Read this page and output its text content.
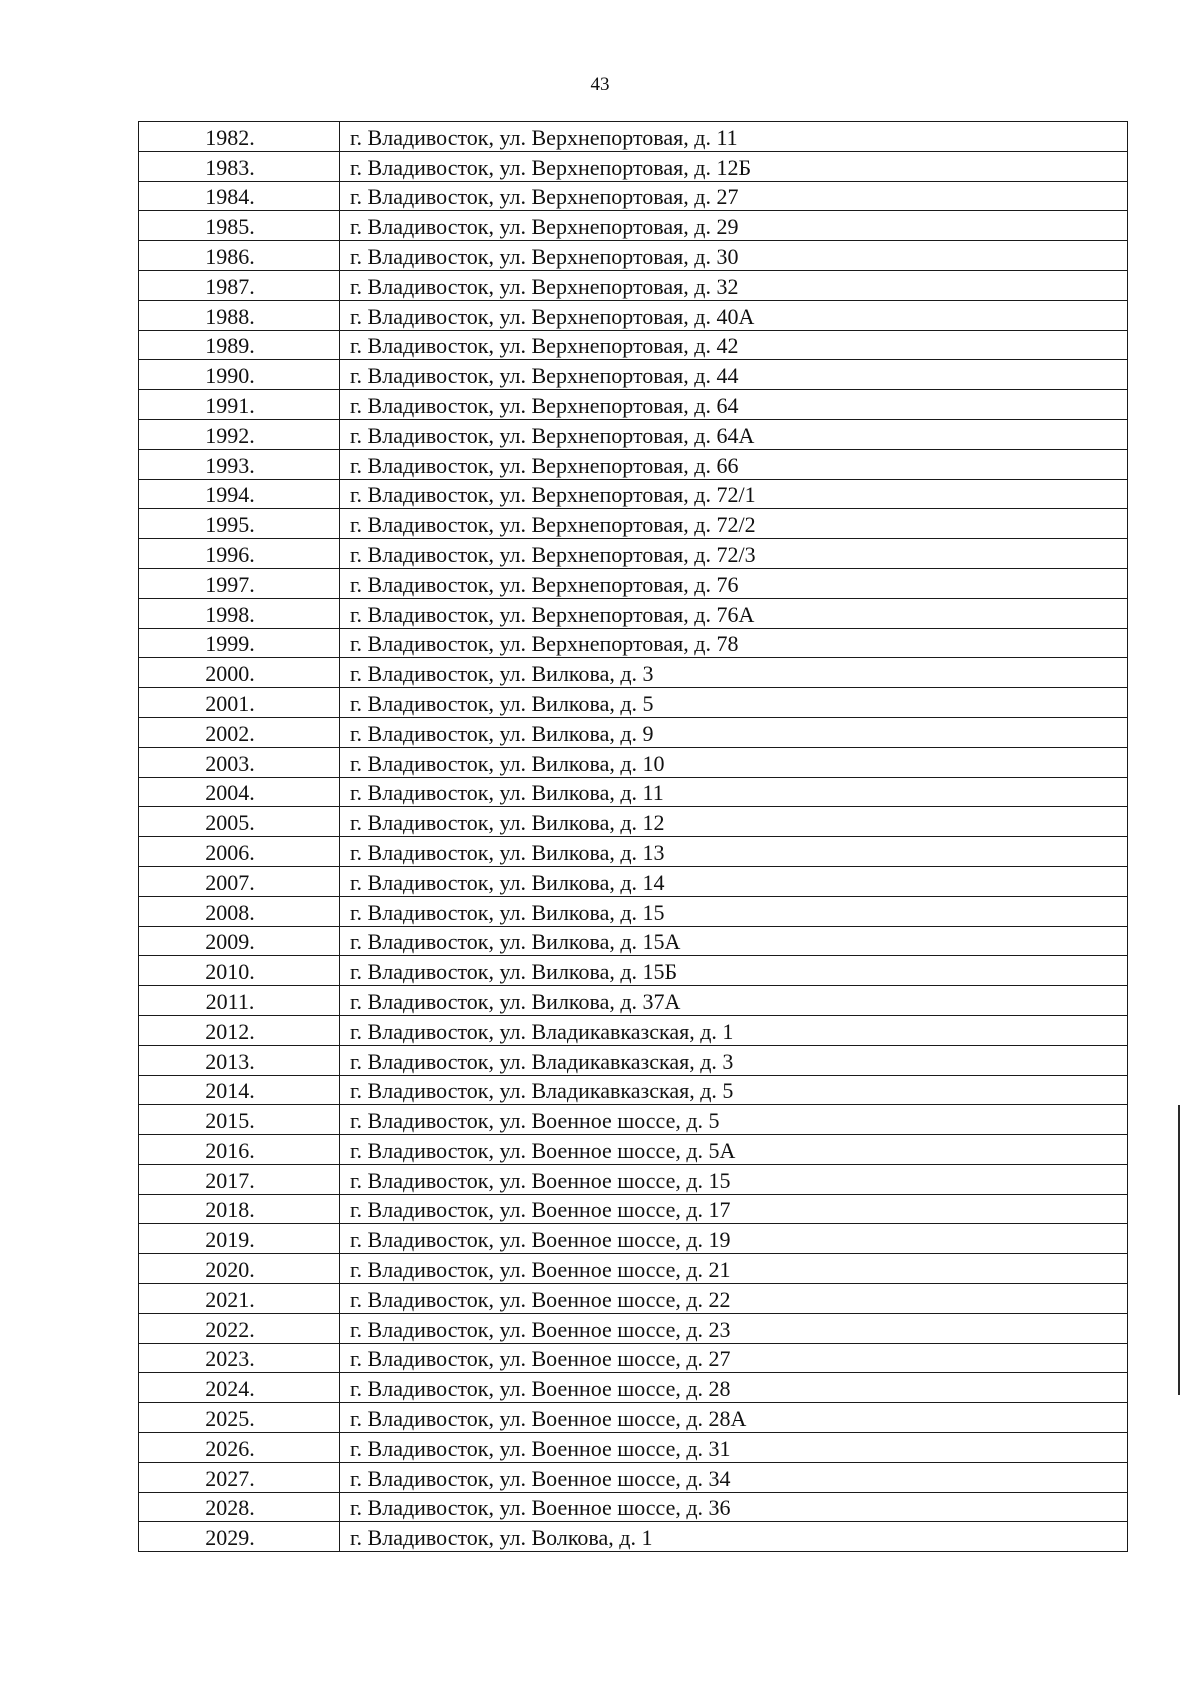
43
1982.	г. Владивосток, ул. Верхнепортовая, д. 11
1983.	г. Владивосток, ул. Верхнепортовая, д. 12Б
1984.	г. Владивосток, ул. Верхнепортовая, д. 27
1985.	г. Владивосток, ул. Верхнепортовая, д. 29
1986.	г. Владивосток, ул. Верхнепортовая, д. 30
1987.	г. Владивосток, ул. Верхнепортовая, д. 32
1988.	г. Владивосток, ул. Верхнепортовая, д. 40А
1989.	г. Владивосток, ул. Верхнепортовая, д. 42
1990.	г. Владивосток, ул. Верхнепортовая, д. 44
1991.	г. Владивосток, ул. Верхнепортовая, д. 64
1992.	г. Владивосток, ул. Верхнепортовая, д. 64А
1993.	г. Владивосток, ул. Верхнепортовая, д. 66
1994.	г. Владивосток, ул. Верхнепортовая, д. 72/1
1995.	г. Владивосток, ул. Верхнепортовая, д. 72/2
1996.	г. Владивосток, ул. Верхнепортовая, д. 72/3
1997.	г. Владивосток, ул. Верхнепортовая, д. 76
1998.	г. Владивосток, ул. Верхнепортовая, д. 76А
1999.	г. Владивосток, ул. Верхнепортовая, д. 78
2000.	г. Владивосток, ул. Вилкова, д. 3
2001.	г. Владивосток, ул. Вилкова, д. 5
2002.	г. Владивосток, ул. Вилкова, д. 9
2003.	г. Владивосток, ул. Вилкова, д. 10
2004.	г. Владивосток, ул. Вилкова, д. 11
2005.	г. Владивосток, ул. Вилкова, д. 12
2006.	г. Владивосток, ул. Вилкова, д. 13
2007.	г. Владивосток, ул. Вилкова, д. 14
2008.	г. Владивосток, ул. Вилкова, д. 15
2009.	г. Владивосток, ул. Вилкова, д. 15А
2010.	г. Владивосток, ул. Вилкова, д. 15Б
2011.	г. Владивосток, ул. Вилкова, д. 37А
2012.	г. Владивосток, ул. Владикавказская, д. 1
2013.	г. Владивосток, ул. Владикавказская, д. 3
2014.	г. Владивосток, ул. Владикавказская, д. 5
2015.	г. Владивосток, ул. Военное шоссе, д. 5
2016.	г. Владивосток, ул. Военное шоссе, д. 5А
2017.	г. Владивосток, ул. Военное шоссе, д. 15
2018.	г. Владивосток, ул. Военное шоссе, д. 17
2019.	г. Владивосток, ул. Военное шоссе, д. 19
2020.	г. Владивосток, ул. Военное шоссе, д. 21
2021.	г. Владивосток, ул. Военное шоссе, д. 22
2022.	г. Владивосток, ул. Военное шоссе, д. 23
2023.	г. Владивосток, ул. Военное шоссе, д. 27
2024.	г. Владивосток, ул. Военное шоссе, д. 28
2025.	г. Владивосток, ул. Военное шоссе, д. 28А
2026.	г. Владивосток, ул. Военное шоссе, д. 31
2027.	г. Владивосток, ул. Военное шоссе, д. 34
2028.	г. Владивосток, ул. Военное шоссе, д. 36
2029.	г. Владивосток, ул. Волкова, д. 1
